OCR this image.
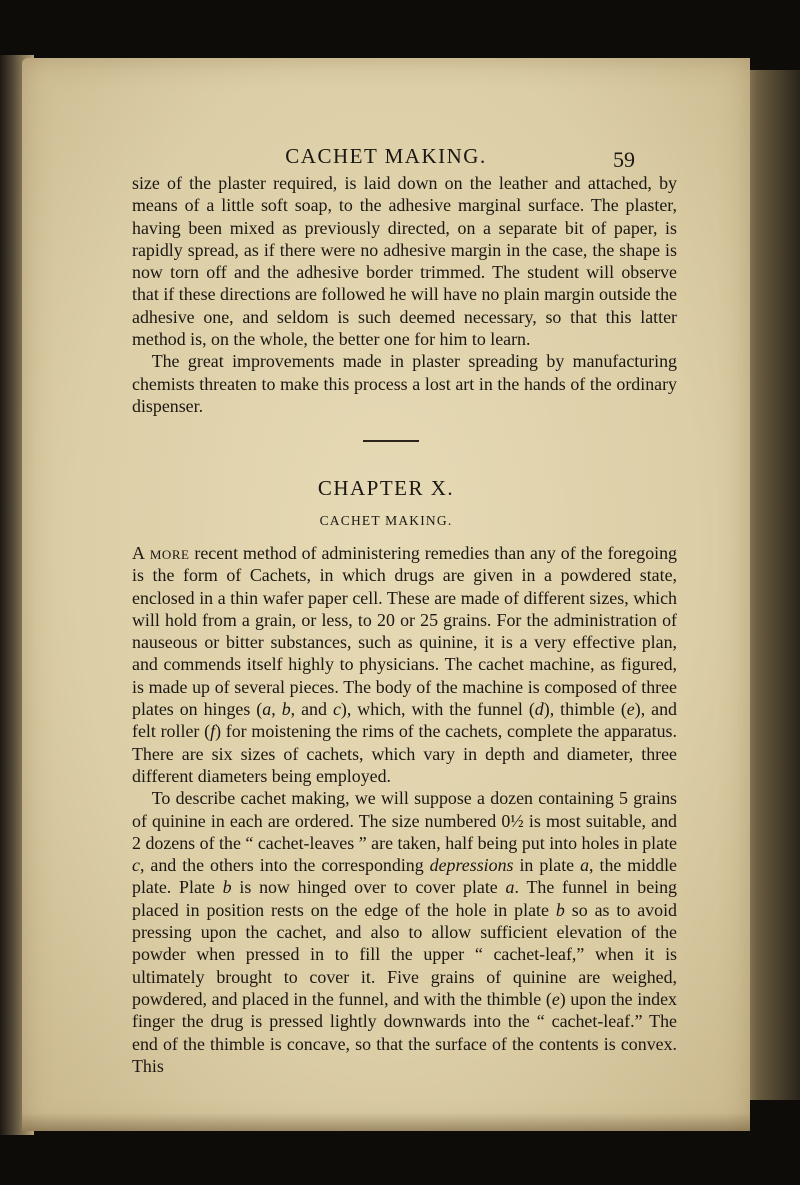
CACHET MAKING.	59

size of the plaster required, is laid down on the leather and attached, by means of a little soft soap, to the adhesive marginal surface. The plaster, having been mixed as previously directed, on a separate bit of paper, is rapidly spread, as if there were no adhesive margin in the case, the shape is now torn off and the adhesive border trimmed. The student will observe that if these directions are followed he will have no plain margin outside the adhesive one, and seldom is such deemed necessary, so that this latter method is, on the whole, the better one for him to learn.

The great improvements made in plaster spreading by manufacturing chemists threaten to make this process a lost art in the hands of the ordinary dispenser.

CHAPTER X.
CACHET MAKING.

A more recent method of administering remedies than any of the foregoing is the form of Cachets, in which drugs are given in a powdered state, enclosed in a thin wafer paper cell. These are made of different sizes, which will hold from a grain, or less, to 20 or 25 grains. For the administration of nauseous or bitter substances, such as quinine, it is a very effective plan, and commends itself highly to physicians. The cachet machine, as figured, is made up of several pieces. The body of the machine is composed of three plates on hinges (a, b, and c), which, with the funnel (d), thimble (e), and felt roller (f) for moistening the rims of the cachets, complete the apparatus. There are six sizes of cachets, which vary in depth and diameter, three different diameters being employed.

To describe cachet making, we will suppose a dozen containing 5 grains of quinine in each are ordered. The size numbered 0½ is most suitable, and 2 dozens of the “ cachet-leaves ” are taken, half being put into holes in plate c, and the others into the corresponding depressions in plate a, the middle plate. Plate b is now hinged over to cover plate a. The funnel in being placed in position rests on the edge of the hole in plate b so as to avoid pressing upon the cachet, and also to allow sufficient elevation of the powder when pressed in to fill the upper “ cachet-leaf,” when it is ultimately brought to cover it. Five grains of quinine are weighed, powdered, and placed in the funnel, and with the thimble (e) upon the index finger the drug is pressed lightly downwards into the “ cachet-leaf.” The end of the thimble is concave, so that the surface of the contents is convex. This
